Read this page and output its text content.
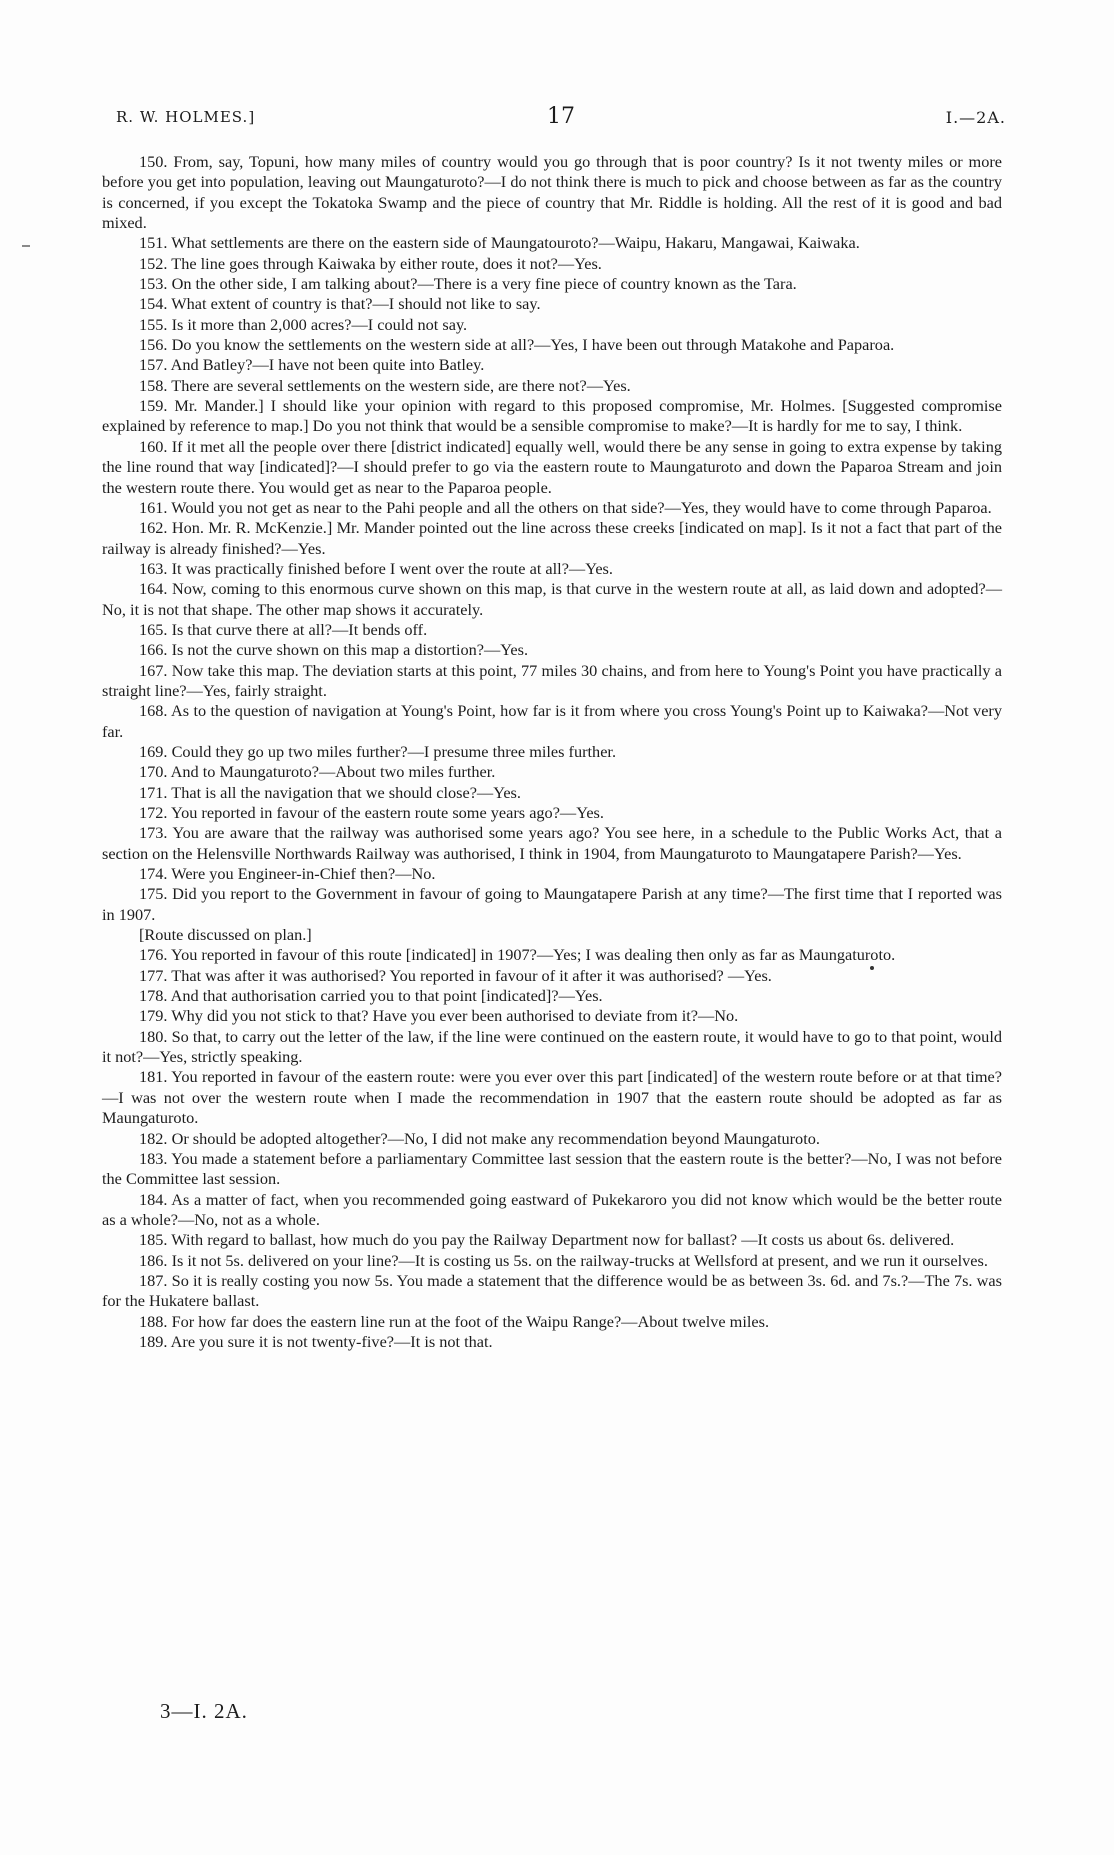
R. W. HOLMES.]	17	I.—2A.

150. From, say, Topuni, how many miles of country would you go through that is poor country? Is it not twenty miles or more before you get into population, leaving out Maungaturoto?—I do not think there is much to pick and choose between as far as the country is concerned, if you except the Tokatoka Swamp and the piece of country that Mr. Riddle is holding. All the rest of it is good and bad mixed.

151. What settlements are there on the eastern side of Maungatouroto?—Waipu, Hakaru, Mangawai, Kaiwaka.

152. The line goes through Kaiwaka by either route, does it not?—Yes.

153. On the other side, I am talking about?—There is a very fine piece of country known as the Tara.

154. What extent of country is that?—I should not like to say.

155. Is it more than 2,000 acres?—I could not say.

156. Do you know the settlements on the western side at all?—Yes, I have been out through Matakohe and Paparoa.

157. And Batley?—I have not been quite into Batley.

158. There are several settlements on the western side, are there not?—Yes.

159. Mr. Mander.] I should like your opinion with regard to this proposed compromise, Mr. Holmes. [Suggested compromise explained by reference to map.] Do you not think that would be a sensible compromise to make?—It is hardly for me to say, I think.

160. If it met all the people over there [district indicated] equally well, would there be any sense in going to extra expense by taking the line round that way [indicated]?—I should prefer to go via the eastern route to Maungaturoto and down the Paparoa Stream and join the western route there. You would get as near to the Paparoa people.

161. Would you not get as near to the Pahi people and all the others on that side?—Yes, they would have to come through Paparoa.

162. Hon. Mr. R. McKenzie.] Mr. Mander pointed out the line across these creeks [indicated on map]. Is it not a fact that part of the railway is already finished?—Yes.

163. It was practically finished before I went over the route at all?—Yes.

164. Now, coming to this enormous curve shown on this map, is that curve in the western route at all, as laid down and adopted?—No, it is not that shape. The other map shows it accurately.

165. Is that curve there at all?—It bends off.

166. Is not the curve shown on this map a distortion?—Yes.

167. Now take this map. The deviation starts at this point, 77 miles 30 chains, and from here to Young's Point you have practically a straight line?—Yes, fairly straight.

168. As to the question of navigation at Young's Point, how far is it from where you cross Young's Point up to Kaiwaka?—Not very far.

169. Could they go up two miles further?—I presume three miles further.

170. And to Maungaturoto?—About two miles further.

171. That is all the navigation that we should close?—Yes.

172. You reported in favour of the eastern route some years ago?—Yes.

173. You are aware that the railway was authorised some years ago? You see here, in a schedule to the Public Works Act, that a section on the Helensville Northwards Railway was authorised, I think in 1904, from Maungaturoto to Maungatapere Parish?—Yes.

174. Were you Engineer-in-Chief then?—No.

175. Did you report to the Government in favour of going to Maungatapere Parish at any time?—The first time that I reported was in 1907.

[Route discussed on plan.]

176. You reported in favour of this route [indicated] in 1907?—Yes; I was dealing then only as far as Maungaturoto.

177. That was after it was authorised? You reported in favour of it after it was authorised? —Yes.

178. And that authorisation carried you to that point [indicated]?—Yes.

179. Why did you not stick to that? Have you ever been authorised to deviate from it?—No.

180. So that, to carry out the letter of the law, if the line were continued on the eastern route, it would have to go to that point, would it not?—Yes, strictly speaking.

181. You reported in favour of the eastern route: were you ever over this part [indicated] of the western route before or at that time?—I was not over the western route when I made the recommendation in 1907 that the eastern route should be adopted as far as Maungaturoto.

182. Or should be adopted altogether?—No, I did not make any recommendation beyond Maungaturoto.

183. You made a statement before a parliamentary Committee last session that the eastern route is the better?—No, I was not before the Committee last session.

184. As a matter of fact, when you recommended going eastward of Pukekaroro you did not know which would be the better route as a whole?—No, not as a whole.

185. With regard to ballast, how much do you pay the Railway Department now for ballast? —It costs us about 6s. delivered.

186. Is it not 5s. delivered on your line?—It is costing us 5s. on the railway-trucks at Wellsford at present, and we run it ourselves.

187. So it is really costing you now 5s. You made a statement that the difference would be as between 3s. 6d. and 7s.?—The 7s. was for the Hukatere ballast.

188. For how far does the eastern line run at the foot of the Waipu Range?—About twelve miles.

189. Are you sure it is not twenty-five?—It is not that.

3—I. 2A.
